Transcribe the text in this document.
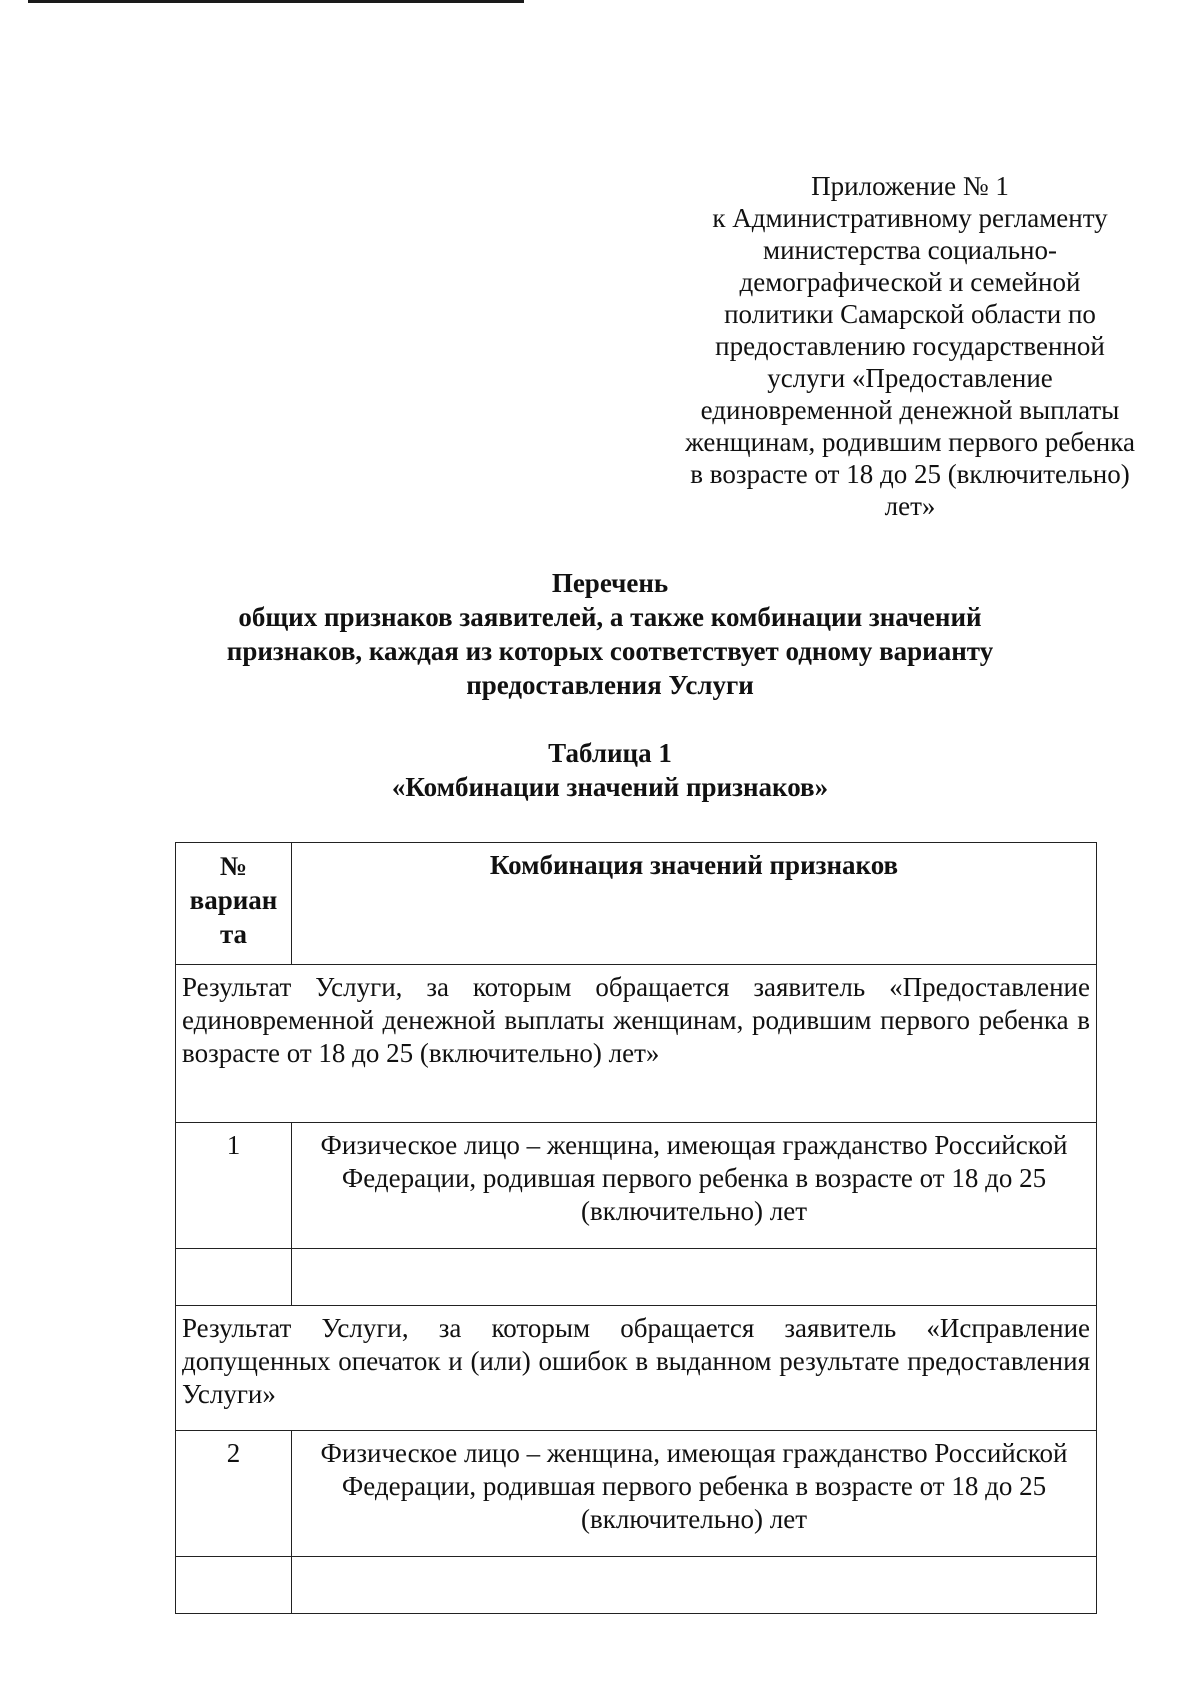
Приложение № 1
к Административному регламенту
министерства социально-
демографической и семейной
политики Самарской области по
предоставлению государственной
услуги «Предоставление
единовременной денежной выплаты
женщинам, родившим первого ребенка
в возрасте от 18 до 25 (включительно)
лет»
Перечень
общих признаков заявителей, а также комбинации значений
признаков, каждая из которых соответствует одному варианту
предоставления Услуги
Таблица 1
«Комбинации значений признаков»
№
вариан
та	Комбинация значений признаков
Результат Услуги, за которым обращается заявитель «Предоставление единовременной денежной выплаты женщинам, родившим первого ребенка в возрасте от 18 до 25 (включительно) лет»	
1	Физическое лицо – женщина, имеющая гражданство Российской Федерации, родившая первого ребенка в возрасте от 18 до 25 (включительно) лет

Результат Услуги, за которым обращается заявитель «Исправление допущенных опечаток и (или) ошибок в выданном результате предоставления Услуги»	
2	Физическое лицо – женщина, имеющая гражданство Российской Федерации, родившая первого ребенка в возрасте от 18 до 25 (включительно) лет
